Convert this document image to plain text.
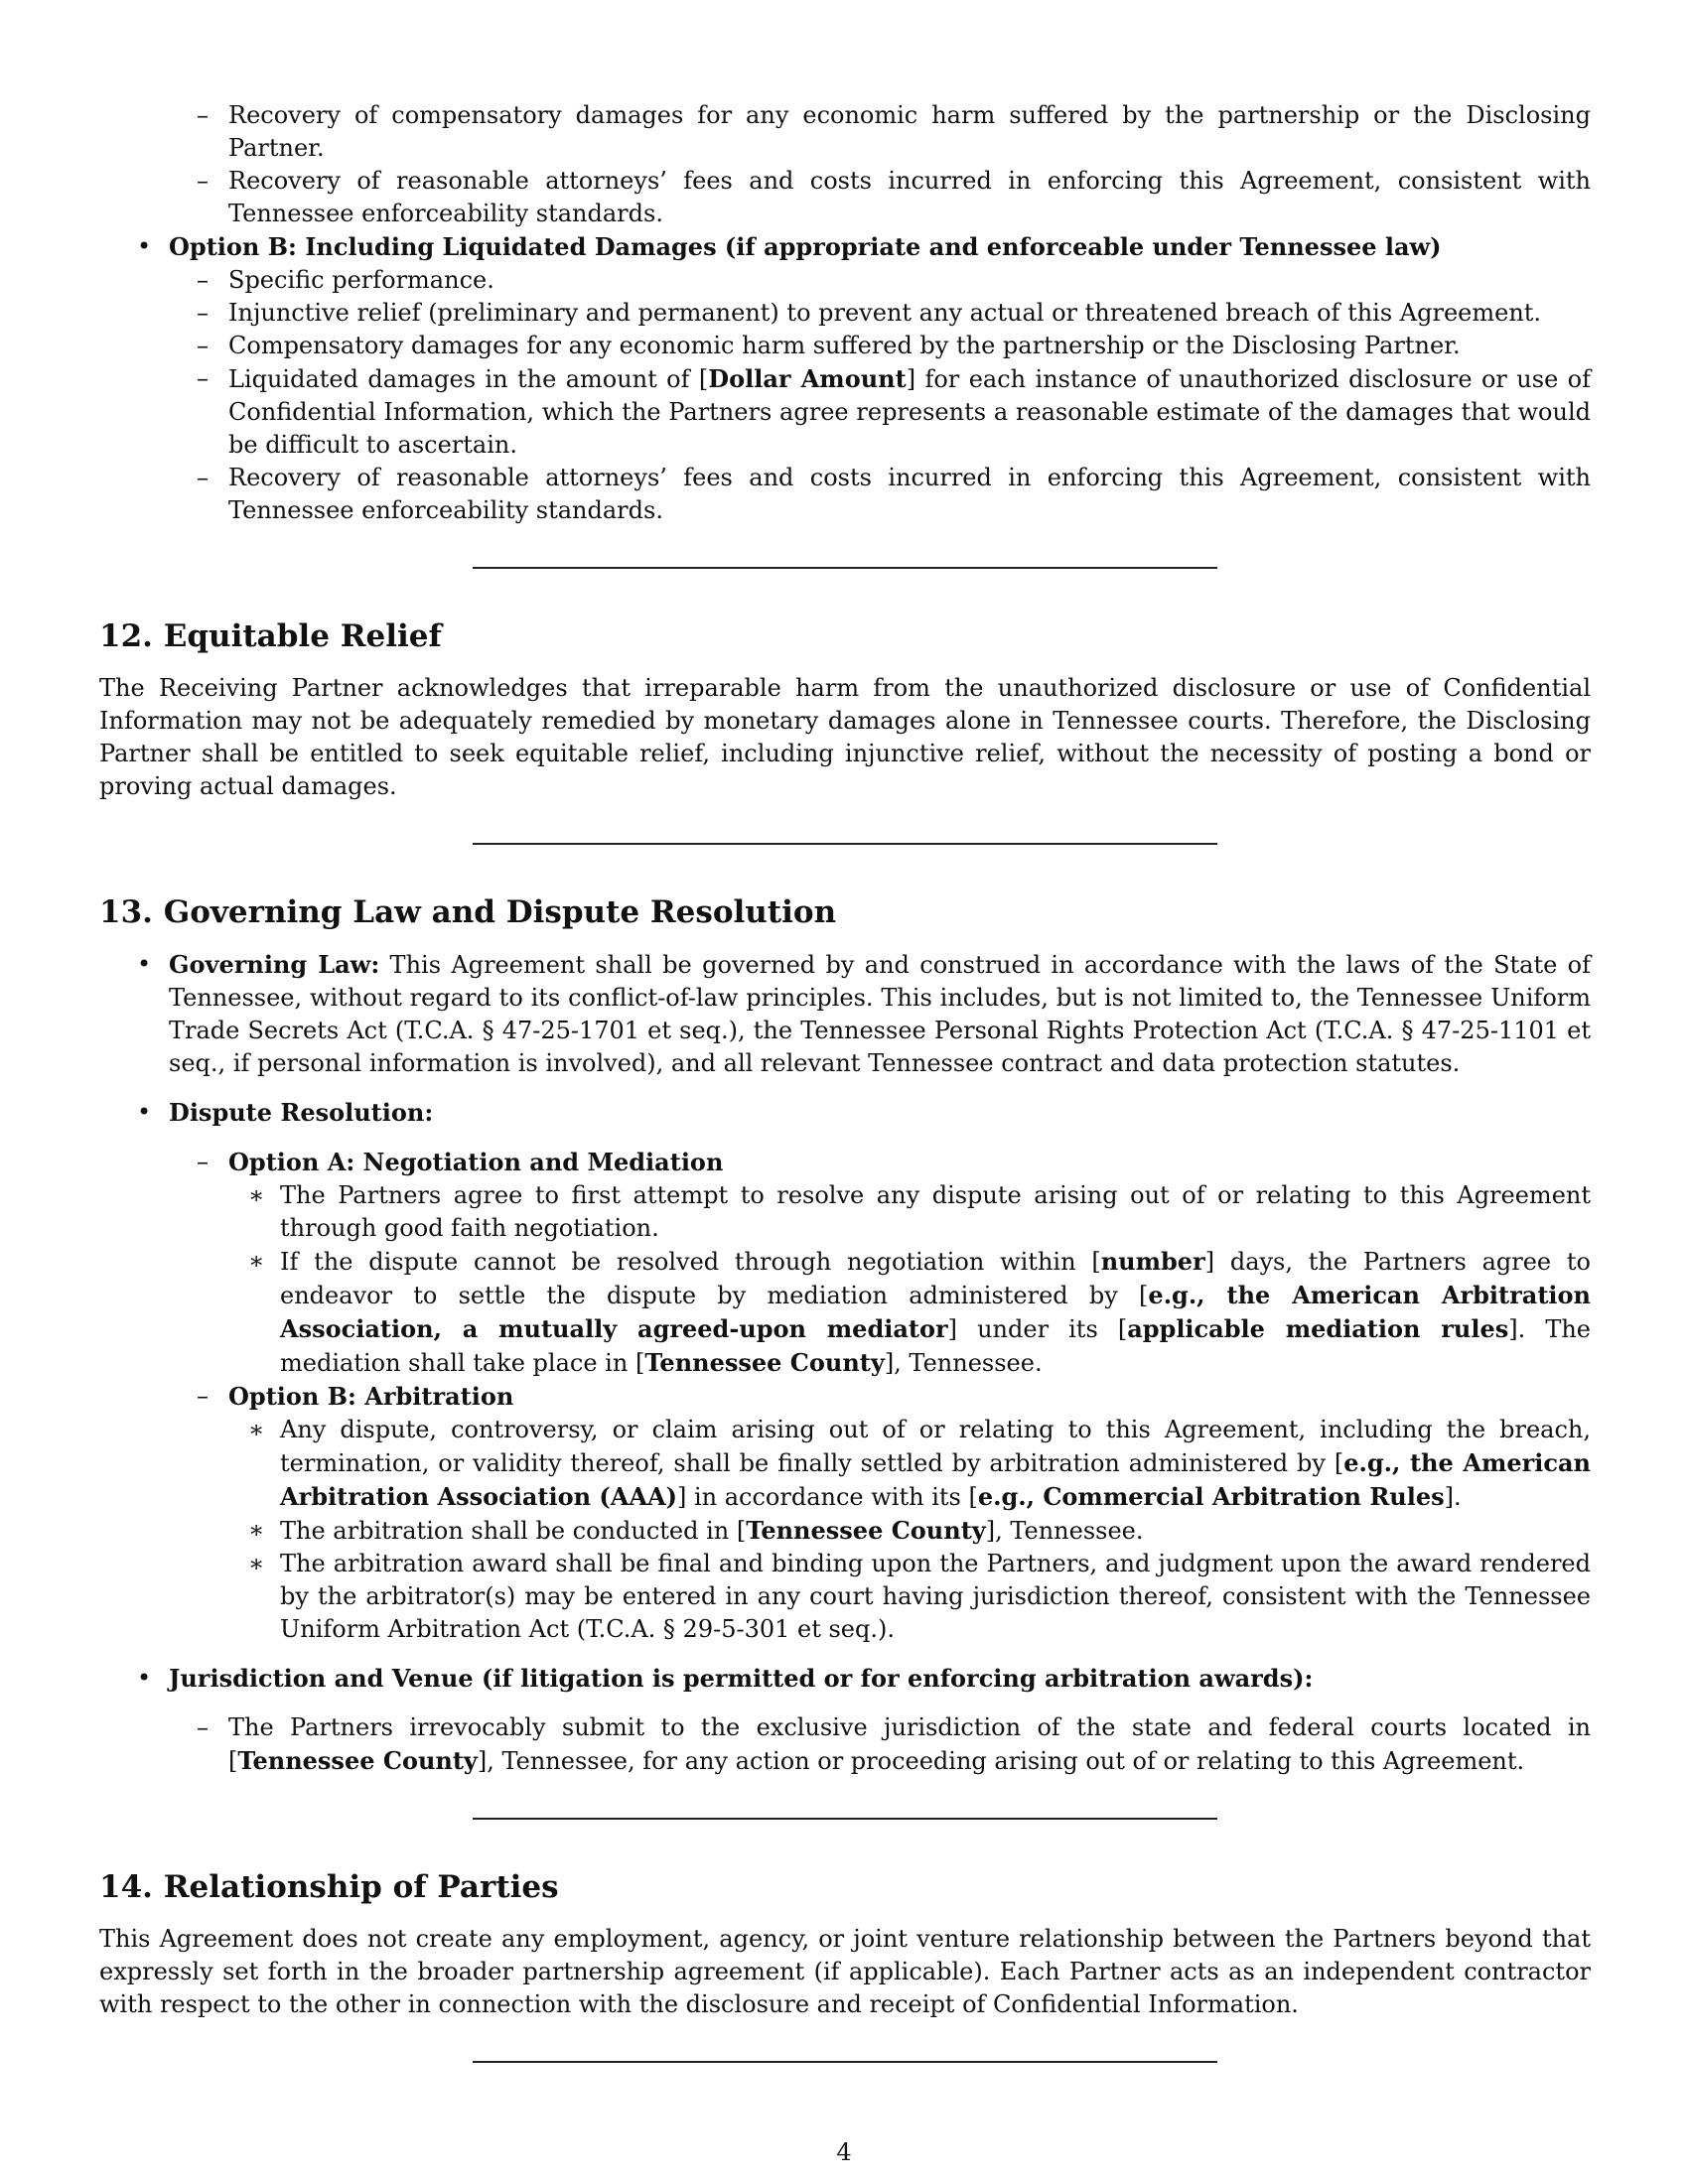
– Recovery of compensatory damages for any economic harm suffered by the partnership or the Disclosing Partner.
– Recovery of reasonable attorneys’ fees and costs incurred in enforcing this Agreement, consistent with Tennessee enforceability standards.
• Option B: Including Liquidated Damages (if appropriate and enforceable under Tennessee law)
– Specific performance.
– Injunctive relief (preliminary and permanent) to prevent any actual or threatened breach of this Agreement.
– Compensatory damages for any economic harm suffered by the partnership or the Disclosing Partner.
– Liquidated damages in the amount of [Dollar Amount] for each instance of unauthorized disclosure or use of Confidential Information, which the Partners agree represents a reasonable estimate of the damages that would be difficult to ascertain.
– Recovery of reasonable attorneys’ fees and costs incurred in enforcing this Agreement, consistent with Tennessee enforceability standards.
12. Equitable Relief

The Receiving Partner acknowledges that irreparable harm from the unauthorized disclosure or use of Confidential Information may not be adequately remedied by monetary damages alone in Tennessee courts. Therefore, the Disclosing Partner shall be entitled to seek equitable relief, including injunctive relief, without the necessity of posting a bond or proving actual damages.

13. Governing Law and Dispute Resolution
• Governing Law: This Agreement shall be governed by and construed in accordance with the laws of the State of Tennessee, without regard to its conflict-of-law principles. This includes, but is not limited to, the Tennessee Uniform Trade Secrets Act (T.C.A. § 47-25-1701 et seq.), the Tennessee Personal Rights Protection Act (T.C.A. § 47-25-1101 et seq., if personal information is involved), and all relevant Tennessee contract and data protection statutes.
• Dispute Resolution:
– Option A: Negotiation and Mediation
∗ The Partners agree to first attempt to resolve any dispute arising out of or relating to this Agreement through good faith negotiation.
∗ If the dispute cannot be resolved through negotiation within [number] days, the Partners agree to endeavor to settle the dispute by mediation administered by [e.g., the American Arbitration Association, a mutually agreed-upon mediator] under its [applicable mediation rules]. The mediation shall take place in [Tennessee County], Tennessee.
– Option B: Arbitration
∗ Any dispute, controversy, or claim arising out of or relating to this Agreement, including the breach, termination, or validity thereof, shall be finally settled by arbitration administered by [e.g., the American Arbitration Association (AAA)] in accordance with its [e.g., Commercial Arbitration Rules].
∗ The arbitration shall be conducted in [Tennessee County], Tennessee.
∗ The arbitration award shall be final and binding upon the Partners, and judgment upon the award rendered by the arbitrator(s) may be entered in any court having jurisdiction thereof, consistent with the Tennessee Uniform Arbitration Act (T.C.A. § 29-5-301 et seq.).
• Jurisdiction and Venue (if litigation is permitted or for enforcing arbitration awards):
– The Partners irrevocably submit to the exclusive jurisdiction of the state and federal courts located in [Tennessee County], Tennessee, for any action or proceeding arising out of or relating to this Agreement.
14. Relationship of Parties

This Agreement does not create any employment, agency, or joint venture relationship between the Partners beyond that expressly set forth in the broader partnership agreement (if applicable). Each Partner acts as an independent contractor with respect to the other in connection with the disclosure and receipt of Confidential Information.

4
